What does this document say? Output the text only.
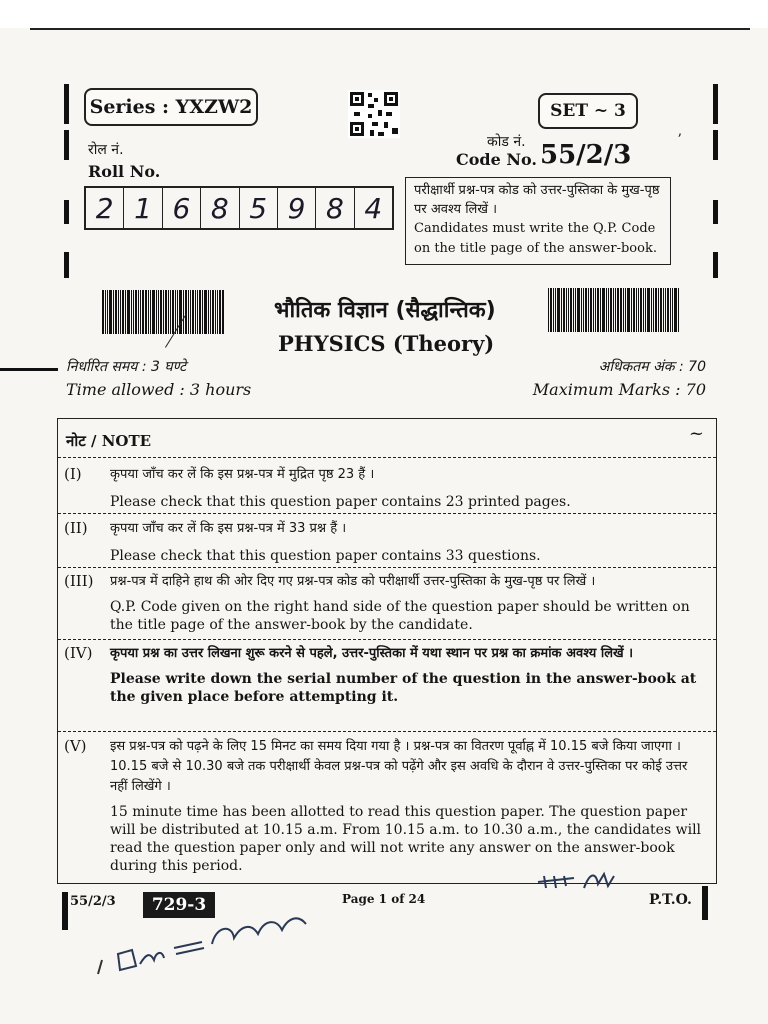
Series : YXZW2	SET ~ 3
रोल नं.
Roll No.
2 1 6 8 5 9 8 4
कोड नं.
Code No. 55/2/3	ʼ
परीक्षार्थी प्रश्न-पत्र कोड को उत्तर-पुस्तिका के मुख-पृष्ठ पर अवश्य लिखें ।
Candidates must write the Q.P. Code on the title page of the answer-book.
भौतिक विज्ञान (सैद्धान्तिक)
PHYSICS (Theory)
निर्धारित समय : 3 घण्टे
Time allowed : 3 hours
अधिकतम अंक : 70
Maximum Marks : 70
नोट / NOTE	~
(I) कृपया जाँच कर लें कि इस प्रश्न-पत्र में मुद्रित पृष्ठ 23 हैं ।
Please check that this question paper contains 23 printed pages.
(II) कृपया जाँच कर लें कि इस प्रश्न-पत्र में 33 प्रश्न हैं ।
Please check that this question paper contains 33 questions.
(III) प्रश्न-पत्र में दाहिने हाथ की ओर दिए गए प्रश्न-पत्र कोड को परीक्षार्थी उत्तर-पुस्तिका के मुख-पृष्ठ पर लिखें ।
Q.P. Code given on the right hand side of the question paper should be written on the title page of the answer-book by the candidate.
(IV) कृपया प्रश्न का उत्तर लिखना शुरू करने से पहले, उत्तर-पुस्तिका में यथा स्थान पर प्रश्न का क्रमांक अवश्य लिखें ।
Please write down the serial number of the question in the answer-book at the given place before attempting it.
(V) इस प्रश्न-पत्र को पढ़ने के लिए 15 मिनट का समय दिया गया है । प्रश्न-पत्र का वितरण पूर्वाह्न में 10.15 बजे किया जाएगा । 10.15 बजे से 10.30 बजे तक परीक्षार्थी केवल प्रश्न-पत्र को पढ़ेंगे और इस अवधि के दौरान वे उत्तर-पुस्तिका पर कोई उत्तर नहीं लिखेंगे ।
15 minute time has been allotted to read this question paper. The question paper will be distributed at 10.15 a.m. From 10.15 a.m. to 10.30 a.m., the candidates will read the question paper only and will not write any answer on the answer-book during this period.
55/2/3	729-3	Page 1 of 24	P.T.O.
